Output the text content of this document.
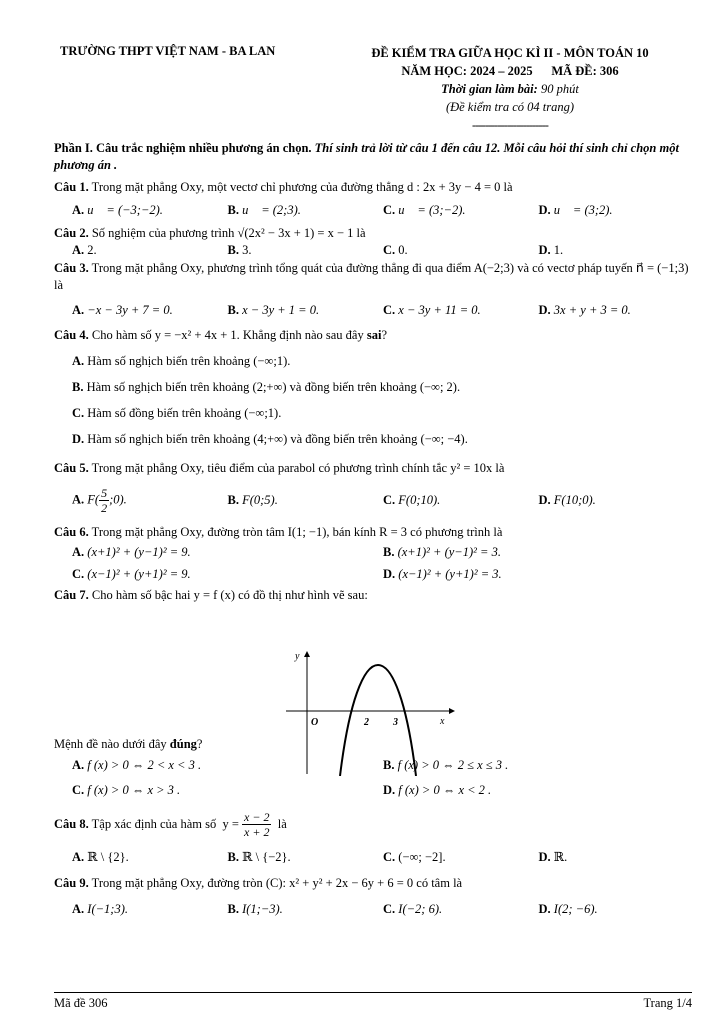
TRƯỜNG THPT VIỆT NAM - BA LAN	ĐỀ KIỂM TRA GIỮA HỌC KÌ II - MÔN TOÁN 10
NĂM HỌC: 2024 – 2025      MÃ ĐỀ: 306
Thời gian làm bài: 90 phút
(Đề kiểm tra có 04 trang)
------------------------
Phần I. Câu trắc nghiệm nhiều phương án chọn. Thí sinh trả lời từ câu 1 đến câu 12. Mỗi câu hỏi thí sinh chỉ chọn một phương án .
Câu 1. Trong mặt phẳng Oxy, một vectơ chỉ phương của đường thẳng d : 2x + 3y − 4 = 0 là
A. u⃗ = (−3;−2).	B. u⃗ = (2;3).	C. u⃗ = (3;−2).	D. u⃗ = (3;2).
Câu 2. Số nghiệm của phương trình √(2x² − 3x + 1) = x − 1 là
A. 2.	B. 3.	C. 0.	D. 1.
Câu 3. Trong mặt phẳng Oxy, phương trình tổng quát của đường thẳng đi qua điểm A(−2;3) và có vectơ pháp tuyến n⃗ = (−1;3) là
A. −x − 3y + 7 = 0.	B. x − 3y + 1 = 0.	C. x − 3y + 11 = 0.	D. 3x + y + 3 = 0.
Câu 4. Cho hàm số y = −x² + 4x + 1. Khẳng định nào sau đây sai?
A.
Hàm số nghịch biến trên khoảng (−∞;1).
B.
Hàm số nghịch biến trên khoảng (2;+∞) và đồng biến trên khoảng (−∞; 2).
C.
Hàm số đồng biến trên khoảng (−∞;1).
D.
Hàm số nghịch biến trên khoảng (4;+∞) và đồng biến trên khoảng (−∞; −4).
Câu 5. Trong mặt phẳng Oxy, tiêu điểm của parabol có phương trình chính tắc y² = 10x là
A. $F( \frac{5}{2}$ ;0).	B. F(0;5).	C. F(0;10).	D. F(10;0).
Câu 6. Trong mặt phẳng Oxy, đường tròn tâm I(1; −1), bán kính R = 3 có phương trình là
A. (x+1)² + (y−1)² = 9.	B. (x+1)² + (y−1)² = 3.
C. (x−1)² + (y+1)² = 9.	D. (x−1)² + (y+1)² = 3.
Câu 7. Cho hàm số bậc hai y = f (x) có đồ thị như hình vẽ sau:
Mệnh đề nào dưới đây đúng?
A. f (x) > 0 ⇔ 2 < x < 3 .	B. f (x) > 0 ⇔ 2 ≤ x ≤ 3 .
C. f (x) > 0 ⇔ x > 3 .	D. f (x) > 0 ⇔ x < 2 .
Câu 8. Tập xác định của hàm số  $y = \frac{x - 2}{x + 2}$ là
A. ℝ \ {2}.	B. ℝ \ {−2}.	C. (−∞; −2].	D. ℝ.
Câu 9. Trong mặt phẳng Oxy, đường tròn (C): x² + y² + 2x − 6y + 6 = 0 có tâm là
A. I(−1;3).	B. I(1;−3).	C. I(−2; 6).	D. I(2; −6).
y
x
O	2 3
Mã đề 306	Trang 1/4
